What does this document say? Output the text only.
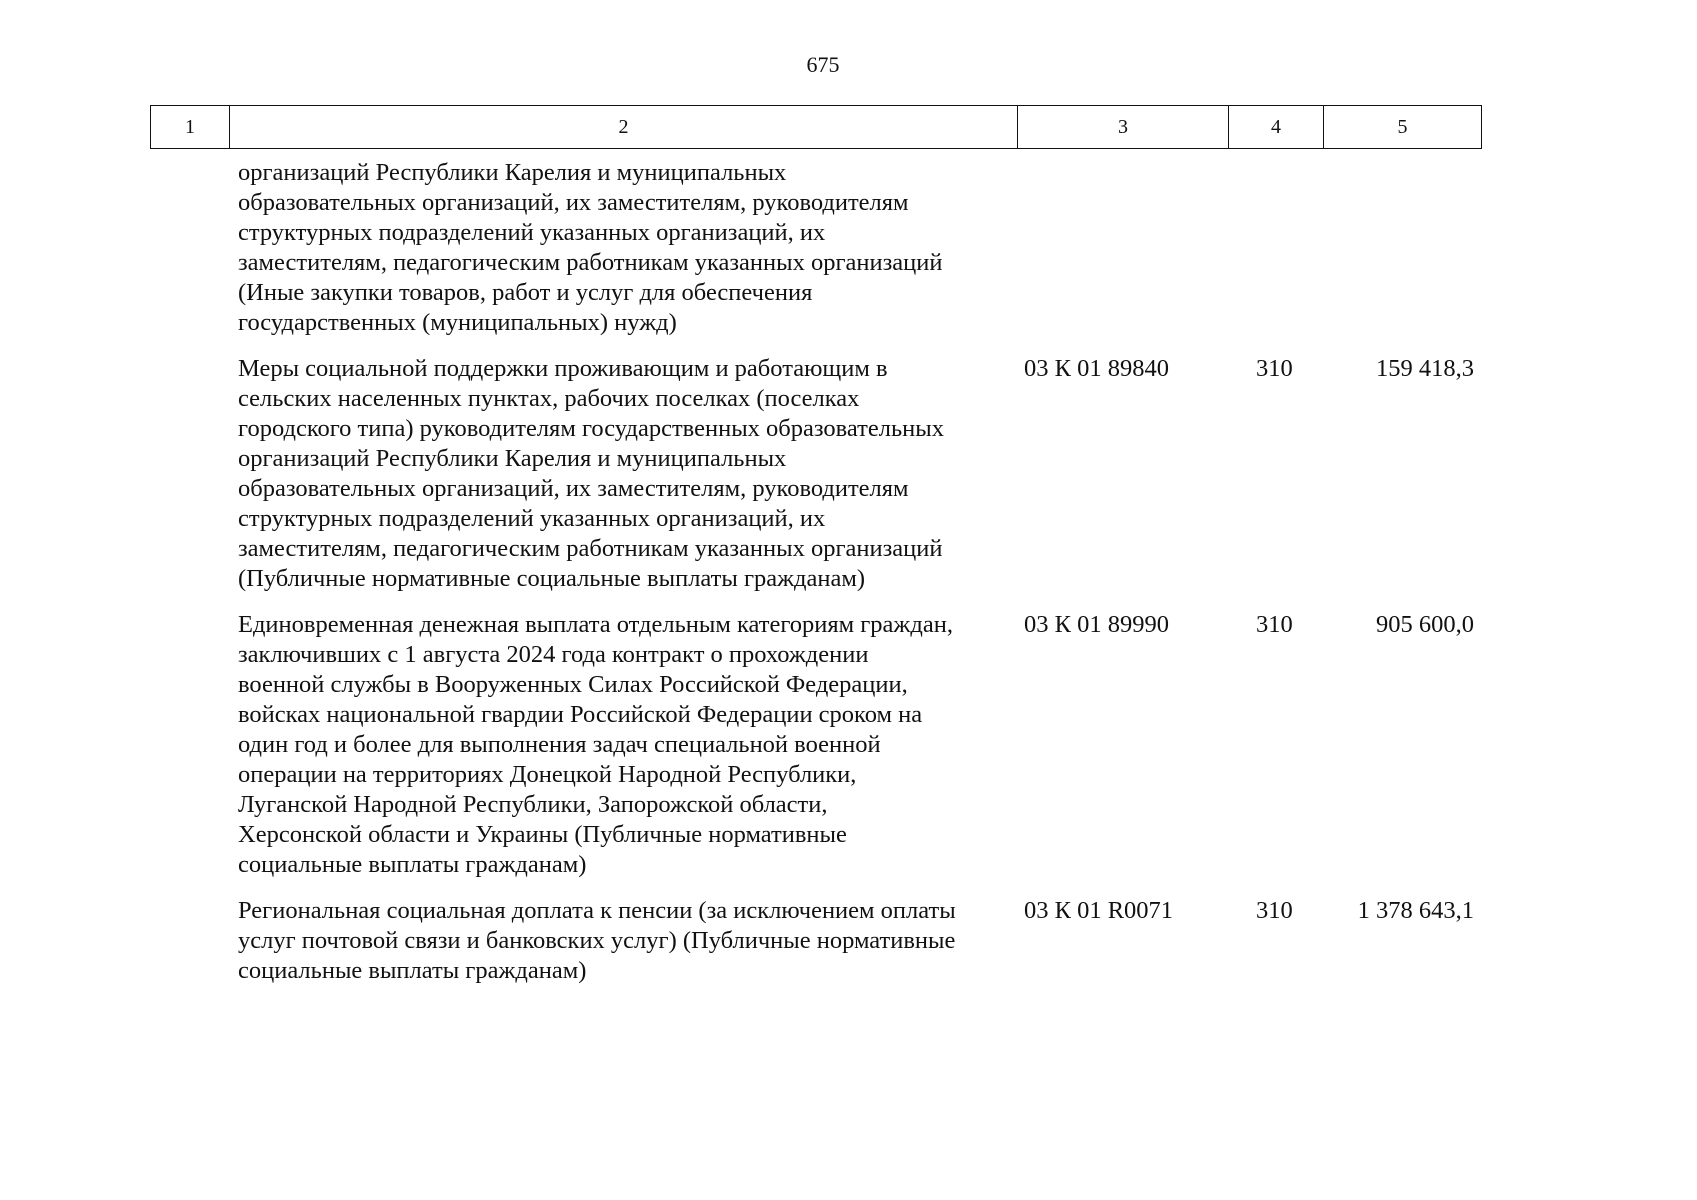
675
1	2	3	4	5
организаций Республики Карелия и муниципальных
образовательных организаций, их заместителям, руководителям
структурных подразделений указанных организаций, их
заместителям, педагогическим работникам указанных организаций
(Иные закупки товаров, работ и услуг для обеспечения
государственных (муниципальных) нужд)
Меры социальной поддержки проживающим и работающим в
сельских населенных пунктах, рабочих поселках (поселках
городского типа) руководителям государственных образовательных
организаций Республики Карелия и муниципальных
образовательных организаций, их заместителям, руководителям
структурных подразделений указанных организаций, их
заместителям, педагогическим работникам указанных организаций
(Публичные нормативные социальные выплаты гражданам)
03 К 01 89840	310	159 418,3
Единовременная денежная выплата отдельным категориям граждан,
заключивших с 1 августа 2024 года контракт о прохождении
военной службы в Вооруженных Силах Российской Федерации,
войсках национальной гвардии Российской Федерации сроком на
один год и более для выполнения задач специальной военной
операции на территориях Донецкой Народной Республики,
Луганской Народной Республики, Запорожской области,
Херсонской области и Украины (Публичные нормативные
социальные выплаты гражданам)
03 К 01 89990	310	905 600,0
Региональная социальная доплата к пенсии (за исключением оплаты
услуг почтовой связи и банковских услуг) (Публичные нормативные
социальные выплаты гражданам)
03 К 01 R0071	310	1 378 643,1
